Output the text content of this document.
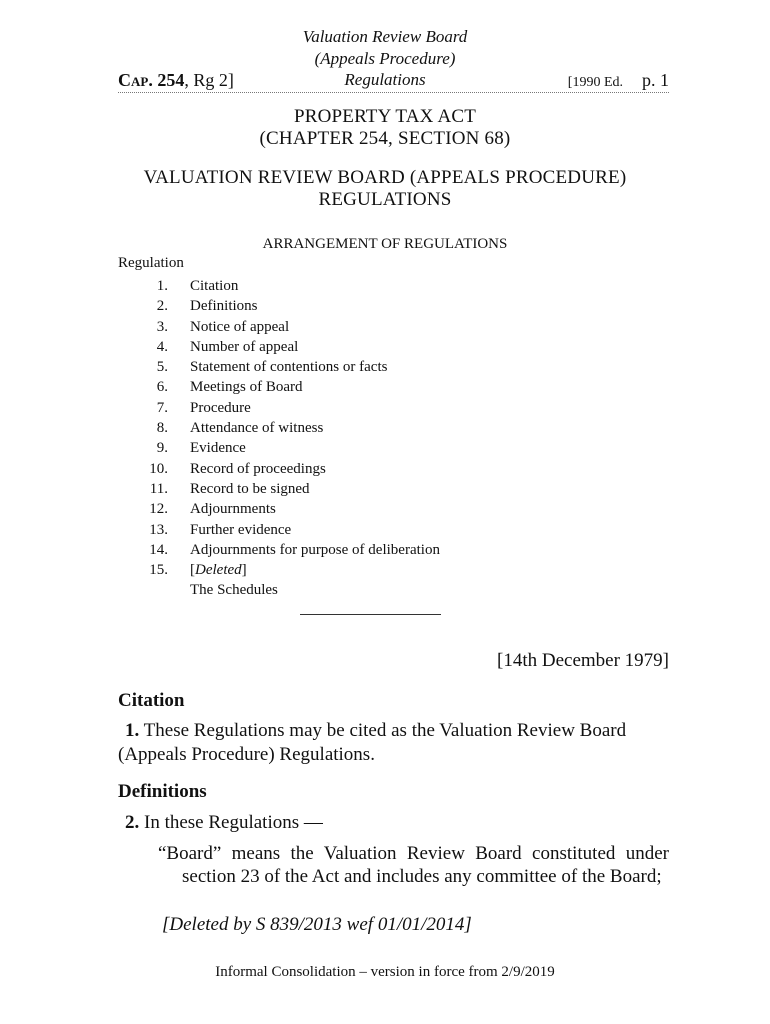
Valuation Review Board
(Appeals Procedure)
Regulations
Cap. 254, Rg 2]	[1990 Ed. p. 1
PROPERTY TAX ACT
(CHAPTER 254, SECTION 68)
VALUATION REVIEW BOARD (APPEALS PROCEDURE)
REGULATIONS
ARRANGEMENT OF REGULATIONS
Regulation
1. Citation
2. Definitions
3. Notice of appeal
4. Number of appeal
5. Statement of contentions or facts
6. Meetings of Board
7. Procedure
8. Attendance of witness
9. Evidence
10. Record of proceedings
11. Record to be signed
12. Adjournments
13. Further evidence
14. Adjournments for purpose of deliberation
15. [Deleted]
The Schedules
[14th December 1979]
Citation
1. These Regulations may be cited as the Valuation Review Board (Appeals Procedure) Regulations.
Definitions
2. In these Regulations —
“Board” means the Valuation Review Board constituted under section 23 of the Act and includes any committee of the Board;
[Deleted by S 839/2013 wef 01/01/2014]
Informal Consolidation – version in force from 2/9/2019
